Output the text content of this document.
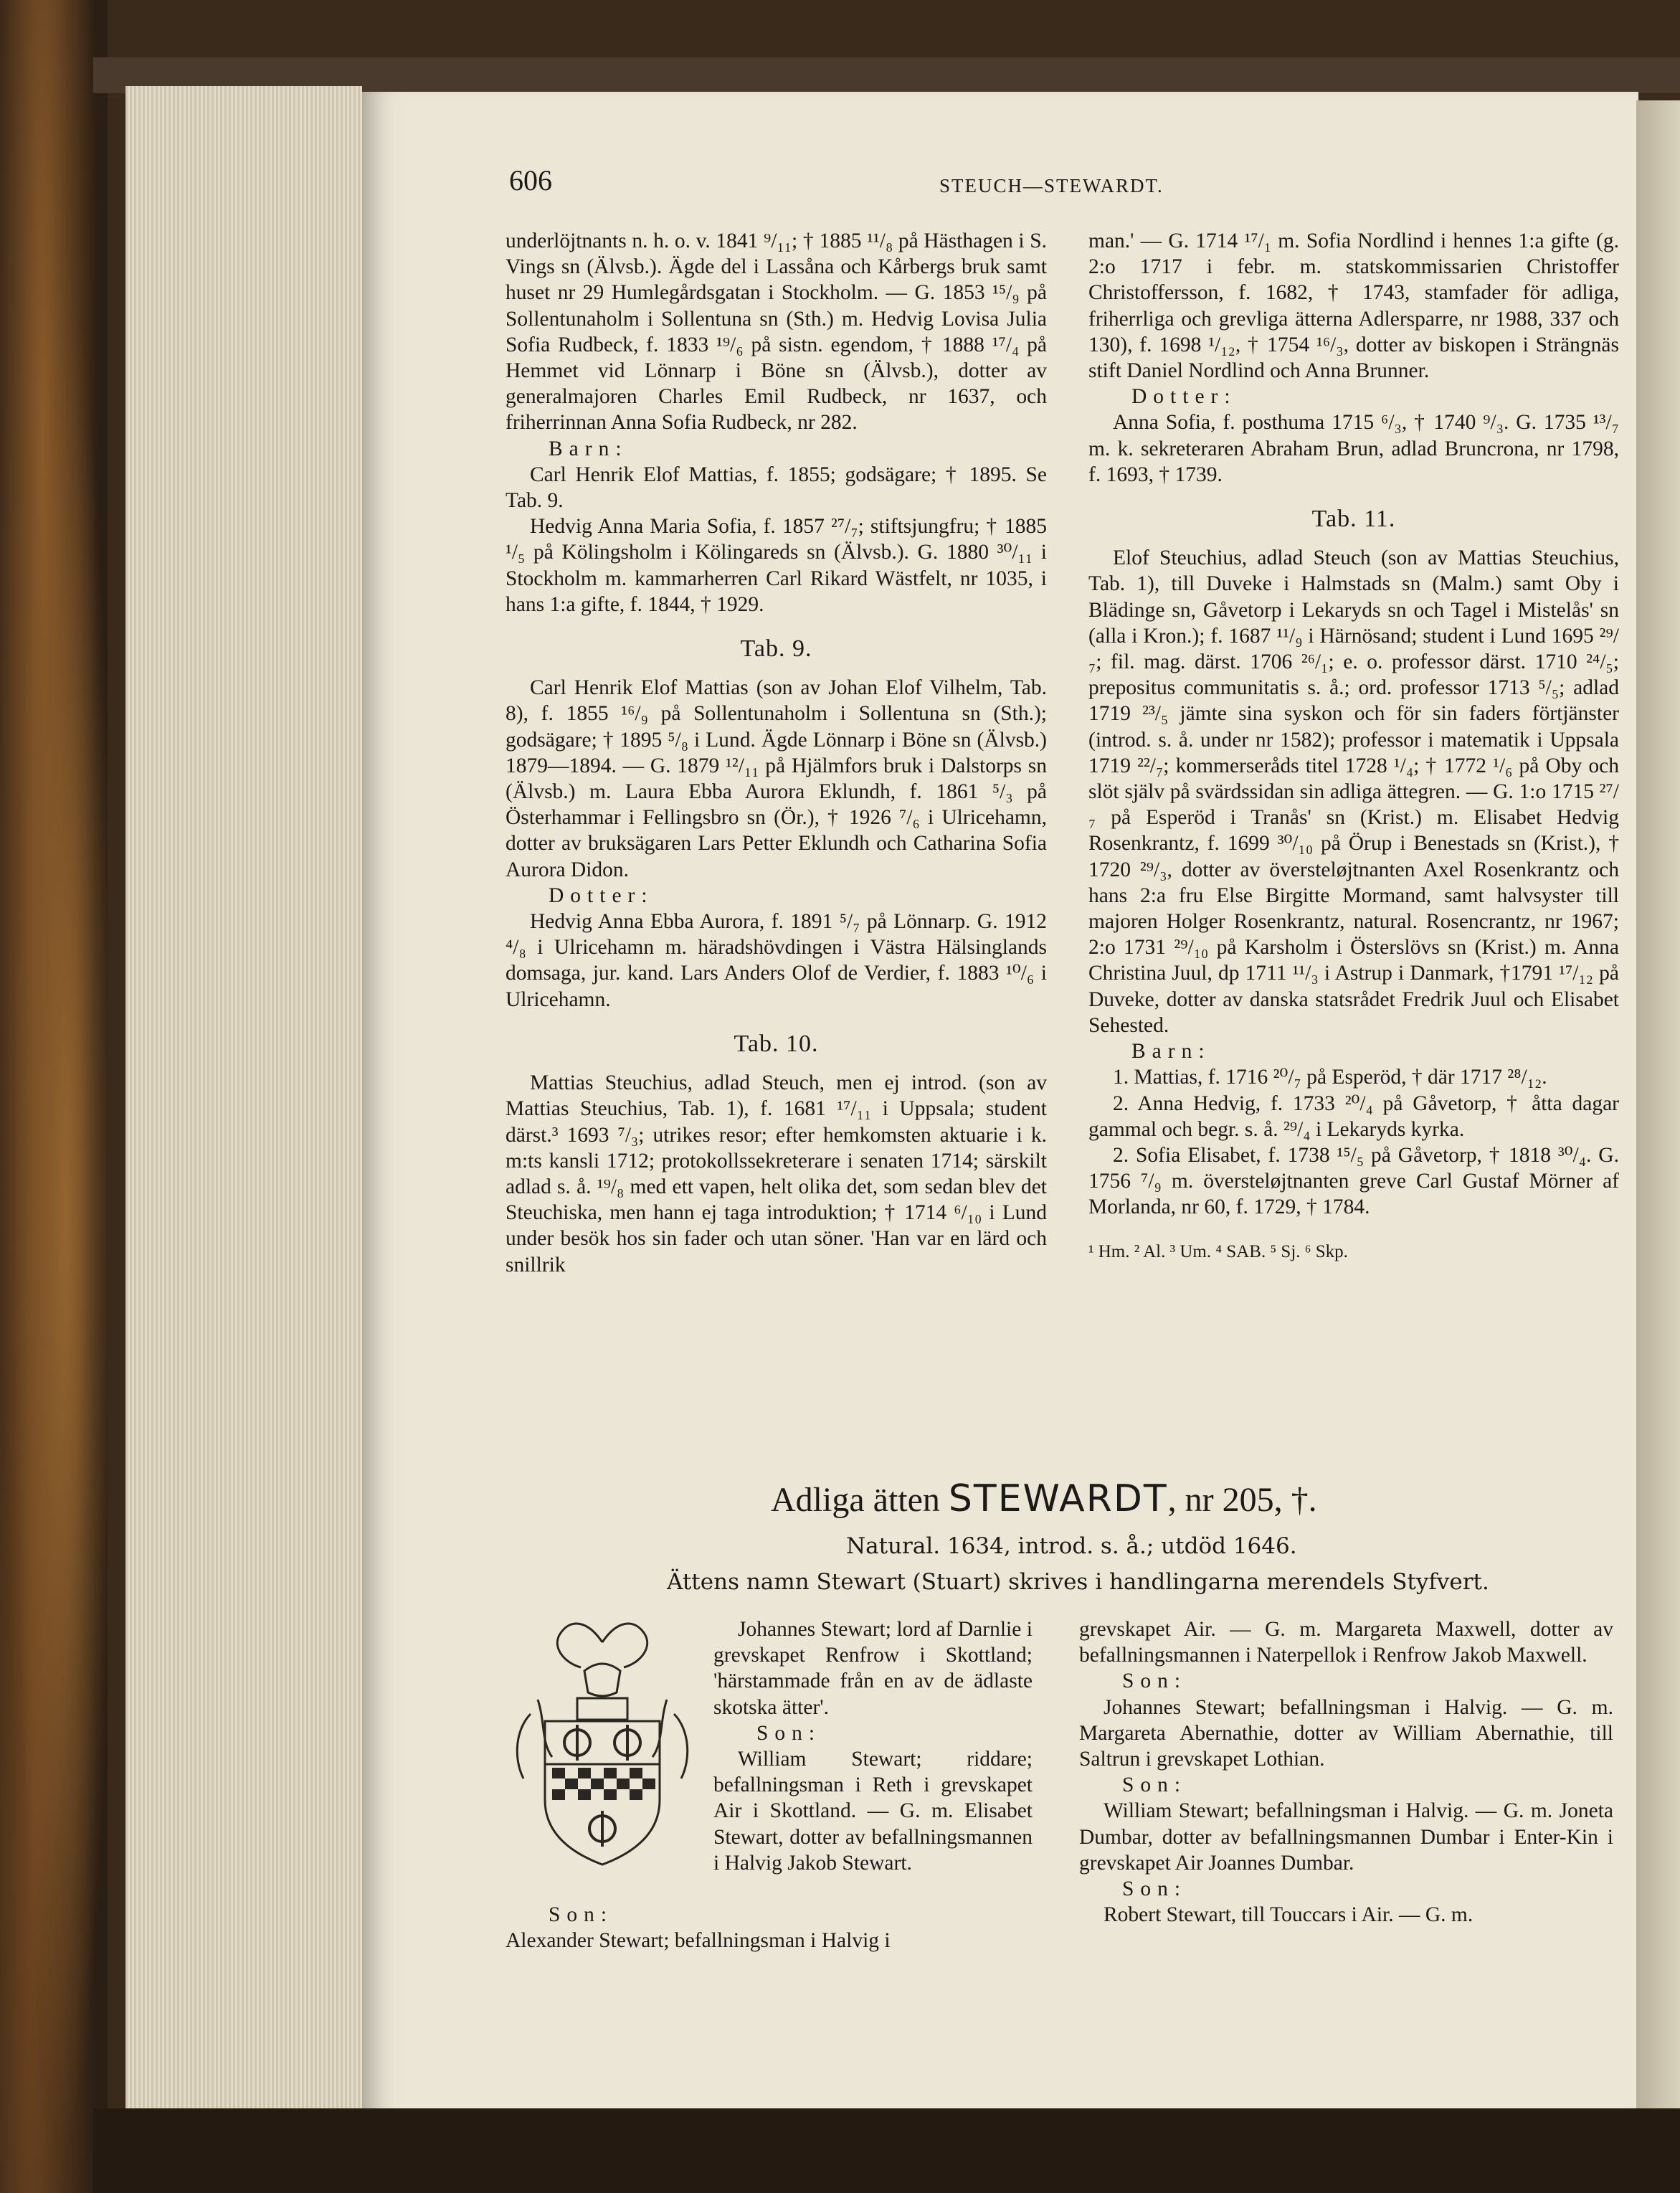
606	STEUCH—STEWARDT.

underlöjtnants n. h. o. v. 1841 ⁹/₁₁; † 1885 ¹¹/₈ på Hästhagen i S. Vings sn (Älvsb.). Ägde del i Lassåna och Kårbergs bruk samt huset nr 29 Humlegårdsgatan i Stockholm. — G. 1853 ¹⁵/₉ på Sollentunaholm i Sollentuna sn (Sth.) m. Hedvig Lovisa Julia Sofia Rudbeck, f. 1833 ¹⁹/₆ på sistn. egendom, † 1888 ¹⁷/₄ på Hemmet vid Lönnarp i Böne sn (Älvsb.), dotter av generalmajoren Charles Emil Rudbeck, nr 1637, och friherrinnan Anna Sofia Rudbeck, nr 282.

Barn:

Carl Henrik Elof Mattias, f. 1855; godsägare; † 1895. Se Tab. 9.

Hedvig Anna Maria Sofia, f. 1857 ²⁷/₇; stiftsjungfru; † 1885 ¹/₅ på Kölingsholm i Kölingareds sn (Älvsb.). G. 1880 ³⁰/₁₁ i Stockholm m. kammarherren Carl Rikard Wästfelt, nr 1035, i hans 1:a gifte, f. 1844, † 1929.

Tab. 9.

Carl Henrik Elof Mattias (son av Johan Elof Vilhelm, Tab. 8), f. 1855 ¹⁶/₉ på Sollentunaholm i Sollentuna sn (Sth.); godsägare; † 1895 ⁵/₈ i Lund. Ägde Lönnarp i Böne sn (Älvsb.) 1879—1894. — G. 1879 ¹²/₁₁ på Hjälmfors bruk i Dalstorps sn (Älvsb.) m. Laura Ebba Aurora Eklundh, f. 1861 ⁵/₃ på Österhammar i Fellingsbro sn (Ör.), † 1926 ⁷/₆ i Ulricehamn, dotter av bruksägaren Lars Petter Eklundh och Catharina Sofia Aurora Didon.

Dotter:

Hedvig Anna Ebba Aurora, f. 1891 ⁵/₇ på Lönnarp. G. 1912 ⁴/₈ i Ulricehamn m. häradshövdingen i Västra Hälsinglands domsaga, jur. kand. Lars Anders Olof de Verdier, f. 1883 ¹⁰/₆ i Ulricehamn.

Tab. 10.

Mattias Steuchius, adlad Steuch, men ej introd. (son av Mattias Steuchius, Tab. 1), f. 1681 ¹⁷/₁₁ i Uppsala; student därst.³ 1693 ⁷/₃; utrikes resor; efter hemkomsten aktuarie i k. m:ts kansli 1712; protokollssekreterare i senaten 1714; särskilt adlad s. å. ¹⁹/₈ med ett vapen, helt olika det, som sedan blev det Steuchiska, men hann ej taga introduktion; † 1714 ⁶/₁₀ i Lund under besök hos sin fader och utan söner. 'Han var en lärd och snillrik

man.' — G. 1714 ¹⁷/₁ m. Sofia Nordlind i hennes 1:a gifte (g. 2:o 1717 i febr. m. statskommissarien Christoffer Christoffersson, f. 1682, † 1743, stamfader för adliga, friherrliga och grevliga ätterna Adlersparre, nr 1988, 337 och 130), f. 1698 ¹/₁₂, † 1754 ¹⁶/₃, dotter av biskopen i Strängnäs stift Daniel Nordlind och Anna Brunner.

Dotter:

Anna Sofia, f. posthuma 1715 ⁶/₃, † 1740 ⁹/₃. G. 1735 ¹³/₇ m. k. sekreteraren Abraham Brun, adlad Bruncrona, nr 1798, f. 1693, † 1739.

Tab. 11.

Elof Steuchius, adlad Steuch (son av Mattias Steuchius, Tab. 1), till Duveke i Halmstads sn (Malm.) samt Oby i Blädinge sn, Gåvetorp i Lekaryds sn och Tagel i Mistelås' sn (alla i Kron.); f. 1687 ¹¹/₉ i Härnösand; student i Lund 1695 ²⁹/₇; fil. mag. därst. 1706 ²⁶/₁; e. o. professor därst. 1710 ²⁴/₅; prepositus communitatis s. å.; ord. professor 1713 ⁵/₅; adlad 1719 ²³/₅ jämte sina syskon och för sin faders förtjänster (introd. s. å. under nr 1582); professor i matematik i Uppsala 1719 ²²/₇; kommerseråds titel 1728 ¹/₄; † 1772 ¹/₆ på Oby och slöt själv på svärdssidan sin adliga ättegren. — G. 1:o 1715 ²⁷/₇ på Esperöd i Tranås' sn (Krist.) m. Elisabet Hedvig Rosenkrantz, f. 1699 ³⁰/₁₀ på Örup i Benestads sn (Krist.), † 1720 ²⁹/₃, dotter av översteløjtnanten Axel Rosenkrantz och hans 2:a fru Else Birgitte Mormand, samt halvsyster till majoren Holger Rosenkrantz, natural. Rosencrantz, nr 1967; 2:o 1731 ²⁹/₁₀ på Karsholm i Österslövs sn (Krist.) m. Anna Christina Juul, dp 1711 ¹¹/₃ i Astrup i Danmark, †1791 ¹⁷/₁₂ på Duveke, dotter av danska statsrådet Fredrik Juul och Elisabet Sehested.

Barn:

1. Mattias, f. 1716 ²⁰/₇ på Esperöd, † där 1717 ²⁸/₁₂.

2. Anna Hedvig, f. 1733 ²⁰/₄ på Gåvetorp, † åtta dagar gammal och begr. s. å. ²⁹/₄ i Lekaryds kyrka.

2. Sofia Elisabet, f. 1738 ¹⁵/₅ på Gåvetorp, † 1818 ³⁰/₄. G. 1756 ⁷/₉ m. översteløjtnanten greve Carl Gustaf Mörner af Morlanda, nr 60, f. 1729, † 1784.

¹ Hm. ² Al. ³ Um. ⁴ SAB. ⁵ Sj. ⁶ Skp.

Adliga ätten STEWARDT, nr 205, †.
Natural. 1634, introd. s. å.; utdöd 1646.
Ättens namn Stewart (Stuart) skrives i handlingarna merendels Styfvert.

Johannes Stewart; lord af Darnlie i grevskapet Renfrow i Skottland; 'härstammade från en av de ädlaste skotska ätter'.

Son:

William Stewart; riddare; befallningsman i Reth i grevskapet Air i Skottland. — G. m. Elisabet Stewart, dotter av befallningsmannen i Halvig Jakob Stewart.

Son:

Alexander Stewart; befallningsman i Halvig i

grevskapet Air. — G. m. Margareta Maxwell, dotter av befallningsmannen i Naterpellok i Renfrow Jakob Maxwell.

Son:

Johannes Stewart; befallningsman i Halvig. — G. m. Margareta Abernathie, dotter av William Abernathie, till Saltrun i grevskapet Lothian.

Son:

William Stewart; befallningsman i Halvig. — G. m. Joneta Dumbar, dotter av befallningsmannen Dumbar i Enter-Kin i grevskapet Air Joannes Dumbar.

Son:

Robert Stewart, till Touccars i Air. — G. m.
